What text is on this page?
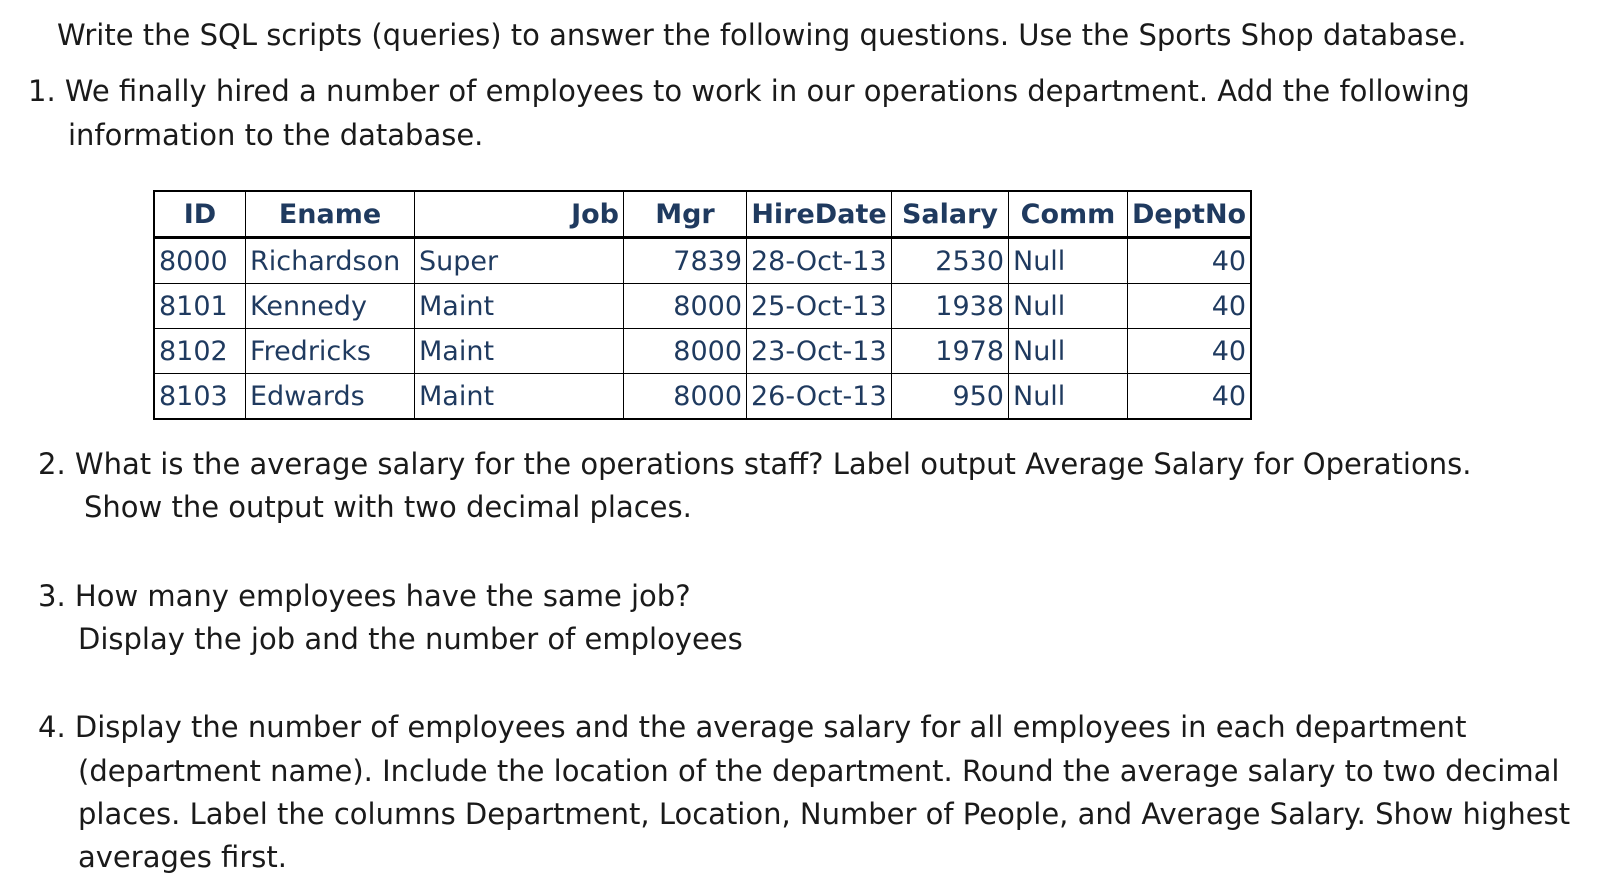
Write the SQL scripts (queries) to answer the following questions. Use the Sports Shop database.
1. We finally hired a number of employees to work in our operations department. Add the following
information to the database.
ID	Ename	Job	Mgr	HireDate	Salary	Comm	DeptNo
8000	Richardson	Super	7839	28-Oct-13	2530	Null	40
8101	Kennedy	Maint	8000	25-Oct-13	1938	Null	40
8102	Fredricks	Maint	8000	23-Oct-13	1978	Null	40
8103	Edwards	Maint	8000	26-Oct-13	950	Null	40
2. What is the average salary for the operations staff? Label output Average Salary for Operations.
Show the output with two decimal places.
3. How many employees have the same job?
Display the job and the number of employees
4. Display the number of employees and the average salary for all employees in each department
(department name). Include the location of the department. Round the average salary to two decimal
places. Label the columns Department, Location, Number of People, and Average Salary. Show highest
averages first.
